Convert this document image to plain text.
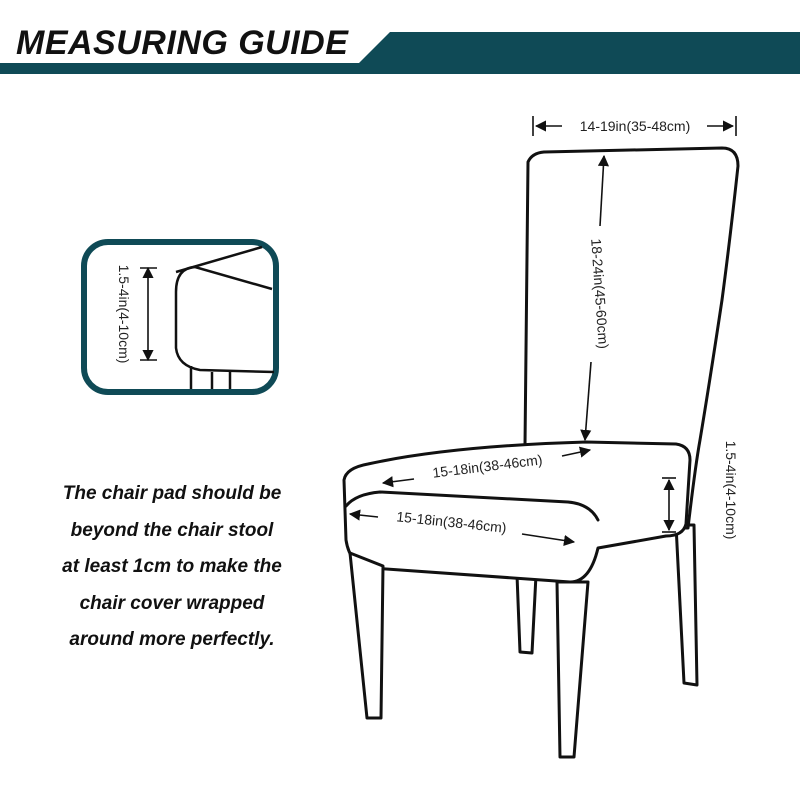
MEASURING GUIDE
1.5-4in(4-10cm)
14-19in(35-48cm)
18-24in(45-60cm)
15-18in(38-46cm)
15-18in(38-46cm)	1.5-4in(4-10cm)
The chair pad should be
beyond the chair stool
at least 1cm to make the
chair cover wrapped
around more perfectly.
